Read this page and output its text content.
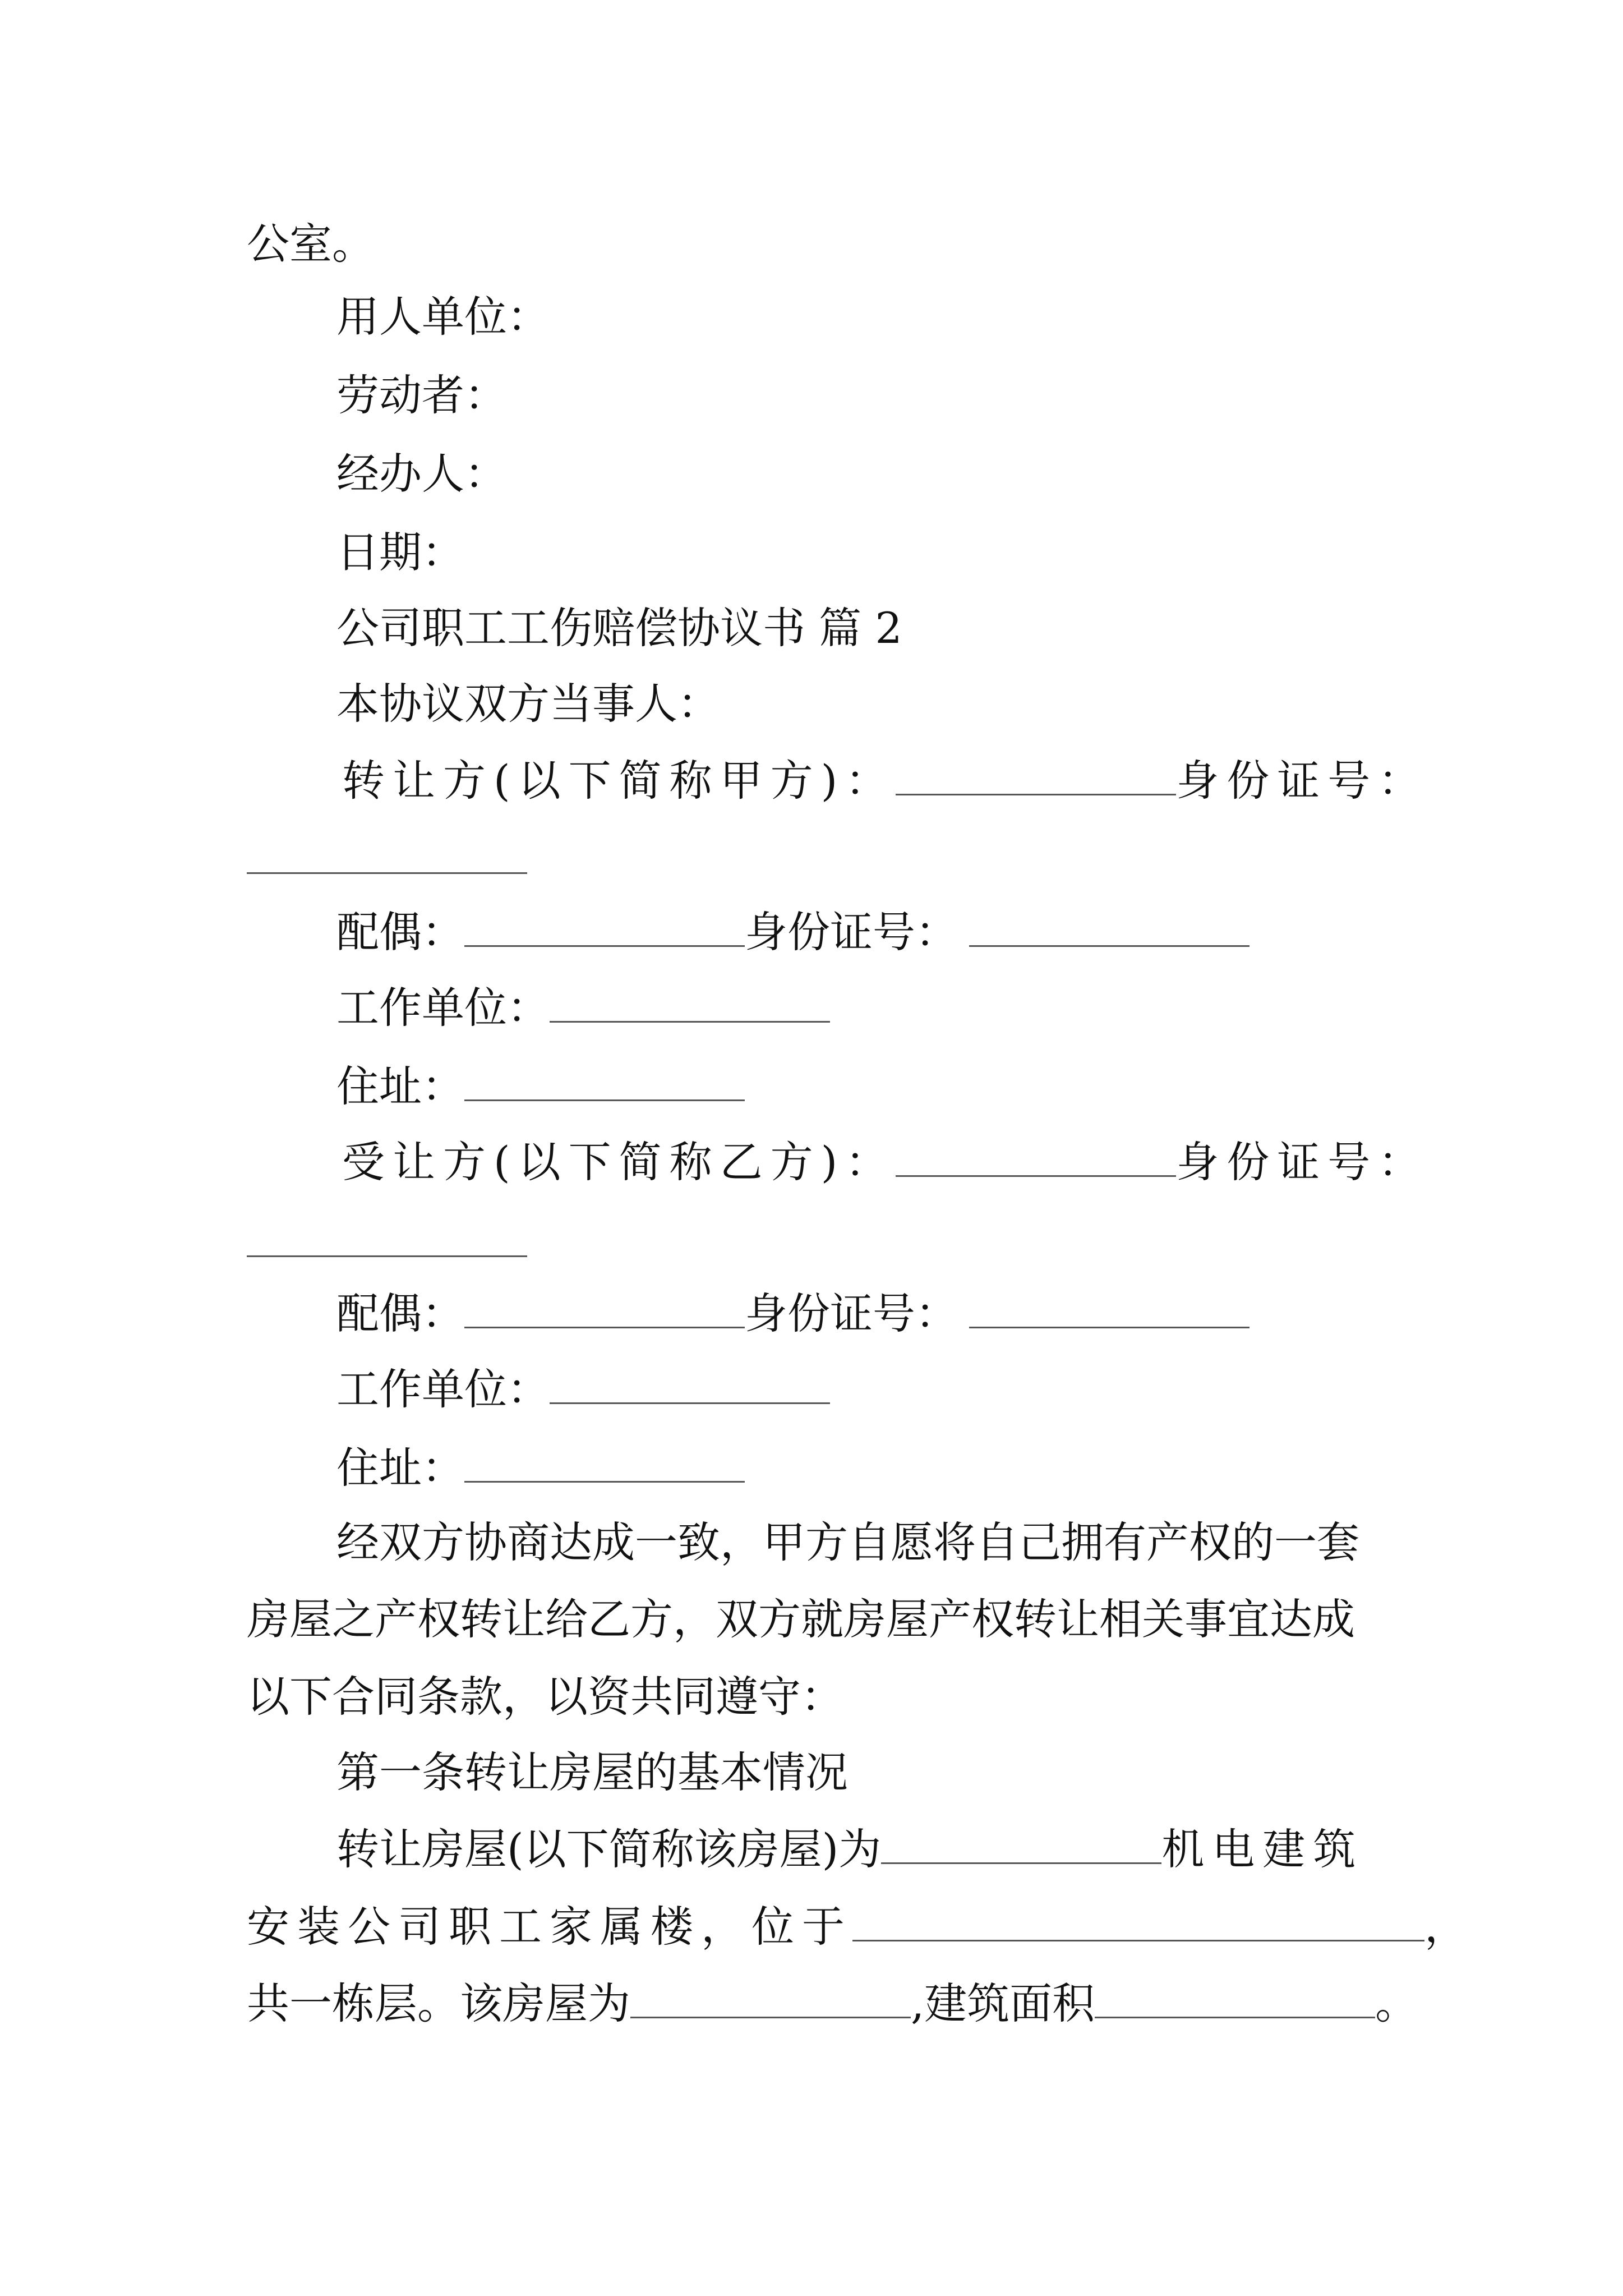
公室。
用人单位：
劳动者：
经办人：
日期：
公司职工工伤赔偿协议书 篇 2
本协议双方当事人：
转让方(以下简称甲方)：	身份证号：
配偶：	身份证号：
工作单位：
住址：
受让方(以下简称乙方)：	身份证号：
配偶：	身份证号：
工作单位：
住址：
经双方协商达成一致，甲方自愿将自己拥有产权的一套
房屋之产权转让给乙方，双方就房屋产权转让相关事宜达成
以下合同条款，以资共同遵守：
第一条转让房屋的基本情况
转让房屋(以下简称该房屋)为	机电建筑
安装公司职工家属楼，位于	，
共一栋层。该房屋为	,建筑面积	。
